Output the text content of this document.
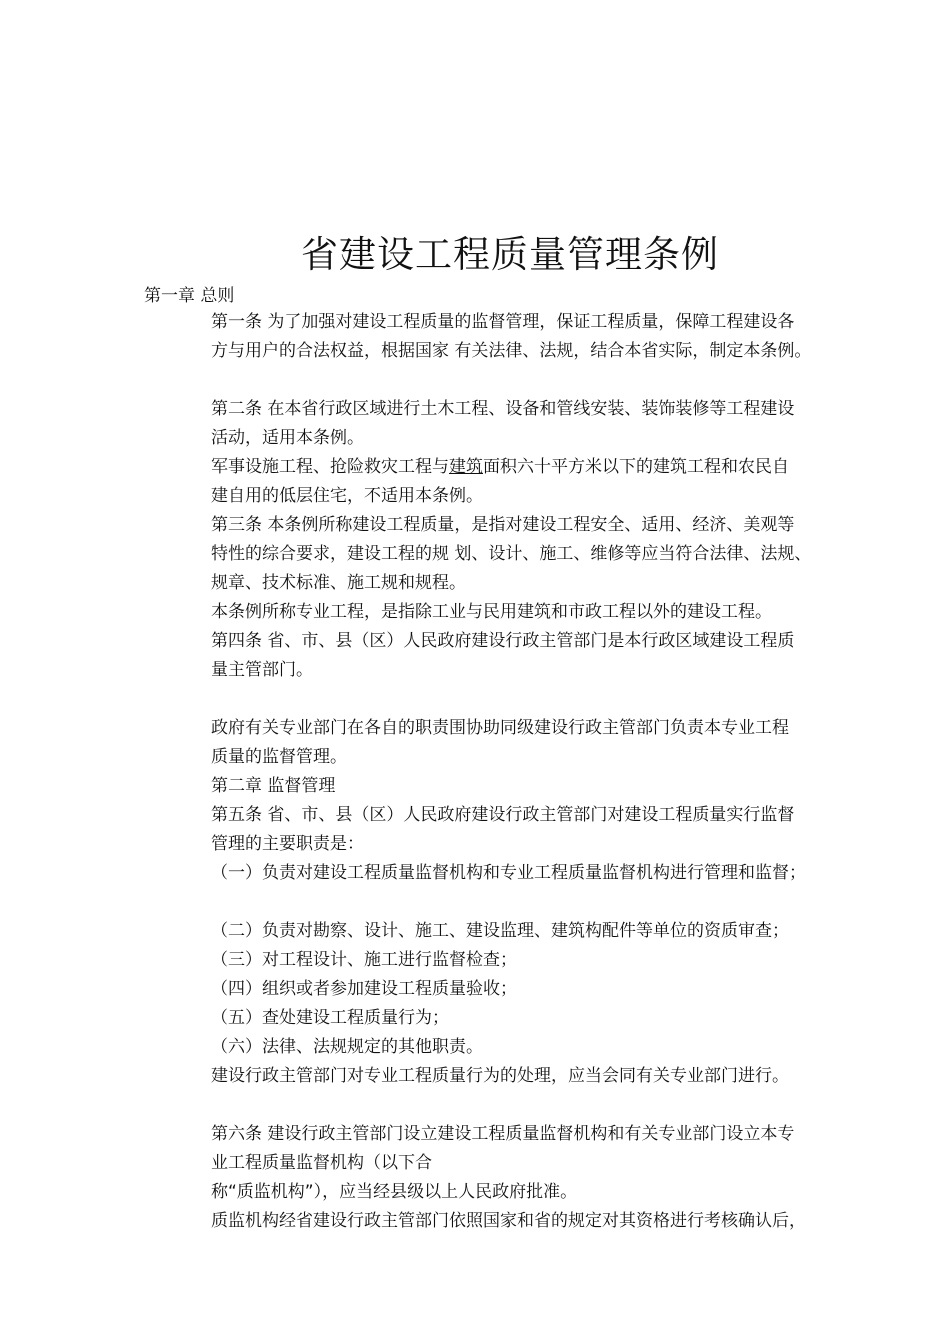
省建设工程质量管理条例
第一章 总则
第一条 为了加强对建设工程质量的监督管理，保证工程质量，保障工程建设各
方与用户的合法权益，根据国家 有关法律、法规，结合本省实际，制定本条例。
第二条 在本省行政区域进行土木工程、设备和管线安装、装饰装修等工程建设
活动，适用本条例。
军事设施工程、抢险救灾工程与建筑面积六十平方米以下的建筑工程和农民自
建自用的低层住宅，不适用本条例。
第三条 本条例所称建设工程质量，是指对建设工程安全、适用、经济、美观等
特性的综合要求，建设工程的规 划、设计、施工、维修等应当符合法律、法规、
规章、技术标准、施工规和规程。
本条例所称专业工程，是指除工业与民用建筑和市政工程以外的建设工程。
第四条 省、市、县（区）人民政府建设行政主管部门是本行政区域建设工程质
量主管部门。
政府有关专业部门在各自的职责围协助同级建设行政主管部门负责本专业工程
质量的监督管理。
第二章 监督管理
第五条 省、市、县（区）人民政府建设行政主管部门对建设工程质量实行监督
管理的主要职责是：
（一）负责对建设工程质量监督机构和专业工程质量监督机构进行管理和监督；
（二）负责对勘察、设计、施工、建设监理、建筑构配件等单位的资质审查；
（三）对工程设计、施工进行监督检查；
（四）组织或者参加建设工程质量验收；
（五）查处建设工程质量行为；
（六）法律、法规规定的其他职责。
建设行政主管部门对专业工程质量行为的处理，应当会同有关专业部门进行。
第六条 建设行政主管部门设立建设工程质量监督机构和有关专业部门设立本专
业工程质量监督机构（以下合
称“质监机构”），应当经县级以上人民政府批准。
质监机构经省建设行政主管部门依照国家和省的规定对其资格进行考核确认后，
